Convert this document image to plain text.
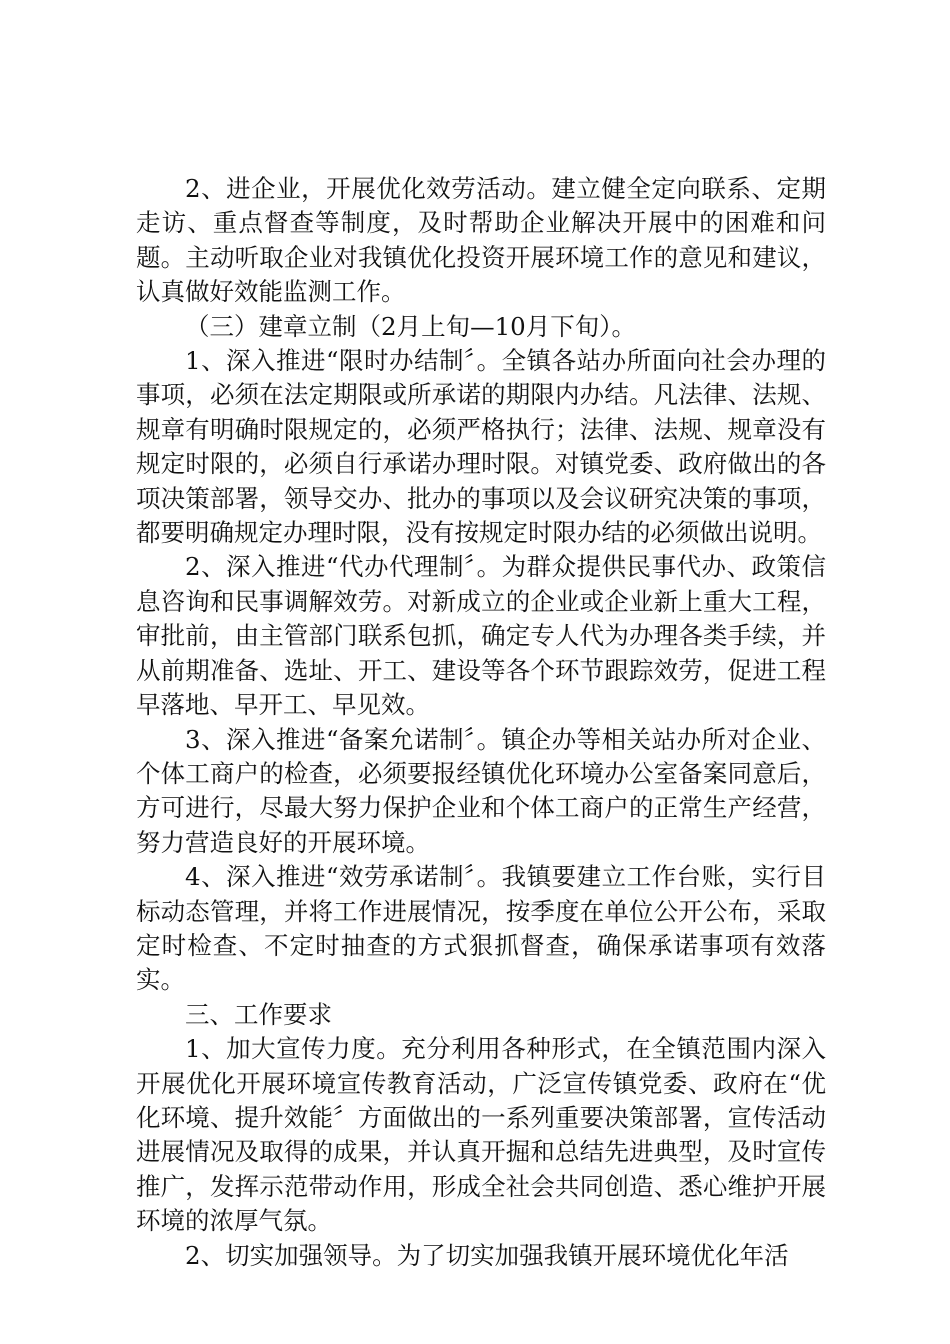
2、进企业，开展优化效劳活动。建立健全定向联系、定期走访、重点督查等制度，及时帮助企业解决开展中的困难和问题。主动听取企业对我镇优化投资开展环境工作的意见和建议，认真做好效能监测工作。

（三）建章立制（2月上旬—10月下旬）。

1、深入推进“限时办结制〞。全镇各站办所面向社会办理的事项，必须在法定期限或所承诺的期限内办结。凡法律、法规、规章有明确时限规定的，必须严格执行；法律、法规、规章没有规定时限的，必须自行承诺办理时限。对镇党委、政府做出的各项决策部署，领导交办、批办的事项以及会议研究决策的事项，都要明确规定办理时限，没有按规定时限办结的必须做出说明。

2、深入推进“代办代理制〞。为群众提供民事代办、政策信息咨询和民事调解效劳。对新成立的企业或企业新上重大工程，审批前，由主管部门联系包抓，确定专人代为办理各类手续，并从前期准备、选址、开工、建设等各个环节跟踪效劳，促进工程早落地、早开工、早见效。

3、深入推进“备案允诺制〞。镇企办等相关站办所对企业、个体工商户的检查，必须要报经镇优化环境办公室备案同意后，方可进行，尽最大努力保护企业和个体工商户的正常生产经营，努力营造良好的开展环境。

4、深入推进“效劳承诺制〞。我镇要建立工作台账，实行目标动态管理，并将工作进展情况，按季度在单位公开公布，采取定时检查、不定时抽查的方式狠抓督查，确保承诺事项有效落实。

三、工作要求

1、加大宣传力度。充分利用各种形式，在全镇范围内深入开展优化开展环境宣传教育活动，广泛宣传镇党委、政府在“优化环境、提升效能〞方面做出的一系列重要决策部署，宣传活动进展情况及取得的成果，并认真开掘和总结先进典型，及时宣传推广，发挥示范带动作用，形成全社会共同创造、悉心维护开展环境的浓厚气氛。

2、切实加强领导。为了切实加强我镇开展环境优化年活
